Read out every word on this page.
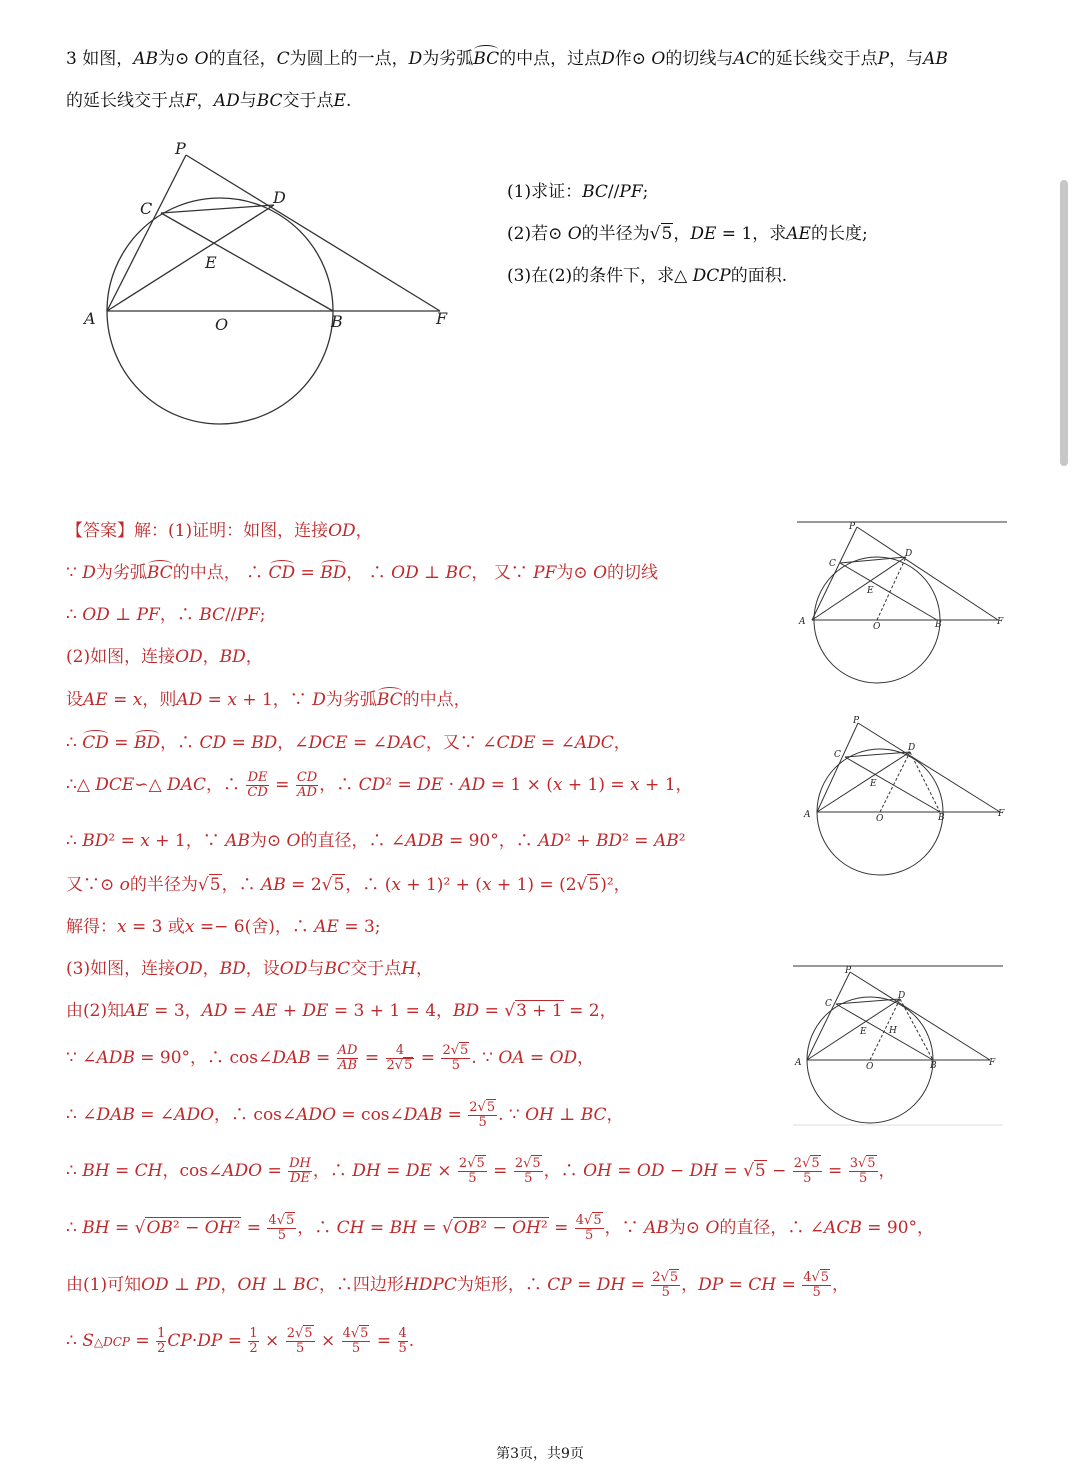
3 如图，AB为⊙ O的直径，C为圆上的一点，D为劣弧BC的中点，过点D作⊙ O的切线与AC的延长线交于点P，与AB
的延长线交于点F，AD与BC交于点E.
P
C
D
E
A	O	B	F
(1)求证：BC//PF;
(2)若⊙ O的半径为√5，DE = 1，求AE的长度;
(3)在(2)的条件下，求△ DCP的面积.
【答案】解：(1)证明：如图，连接OD，
∵ D为劣弧BC的中点， ∴ CD = BD， ∴ OD ⊥ BC， 又∵ PF为⊙ O的切线
∴ OD ⊥ PF，∴ BC//PF;
(2)如图，连接OD，BD，
设AE = x，则AD = x + 1，∵ D为劣弧BC的中点，
∴ CD = BD，∴ CD = BD，∠DCE = ∠DAC，又∵ ∠CDE = ∠ADC，
∴△ DCE∽△ DAC，∴ $\frac{DE}{CD} = \frac{CD}{AD}$ ，∴ CD² = DE · AD = 1 × (x + 1) = x + 1，
∴ BD² = x + 1，∵ AB为⊙ O的直径，∴ ∠ADB = 90°，∴ AD² + BD² = AB²
又∵⊙ o的半径为√5，∴ AB = 2√5，∴ (x + 1)² + (x + 1) = (2√5)²，
解得：x = 3 或x =− 6(舍)，∴ AE = 3;
(3)如图，连接OD，BD，设OD与BC交于点H，
由(2)知AE = 3，AD = AE + DE = 3 + 1 = 4，BD = √3 + 1 = 2，
∵ ∠ADB = 90°，∴ cos∠DAB = $\frac{AD}{AB} = \frac{4}{2√5} = \frac{2√5}{5}$ . ∵ OA = OD，
∴ ∠DAB = ∠ADO，∴ cos∠ADO = cos∠DAB = $\frac{2√5}{5}$ . ∵ OH ⊥ BC，
∴ BH = CH，cos∠ADO = $\frac{DH}{DE}$ ，∴ DH = DE × $\frac{2√5}{5} = \frac{2√5}{5}$ ，∴ OH = OD − DH = $√5 - \frac{2√5}{5} = \frac{3√5}{5}$ ，
∴ BH = $√OB^2 - OH^2 = \frac{4√5}{5}$ ，∴ CH = BH = $√OB^2 - OH^2 = \frac{4√5}{5}$ ，∵ AB为⊙ O的直径，∴ ∠ACB = 90°，
由(1)可知OD ⊥ PD，OH ⊥ BC，∴四边形HDPC为矩形，∴ CP = DH = $\frac{2√5}{5}$ ，DP = CH = $\frac{4√5}{5}$ ，
∴ S△DCP = $\frac{1}{2} CP\cdot DP = \frac{1}{2} \times \frac{2√5}{5} \times \frac{4√5}{5} = \frac{4}{5}$ .
P
C
D
E
A	O	B	F
P
C
D
E
A	O	B	F
P
C
D
E H
A	O	B	F
第3页，共9页
